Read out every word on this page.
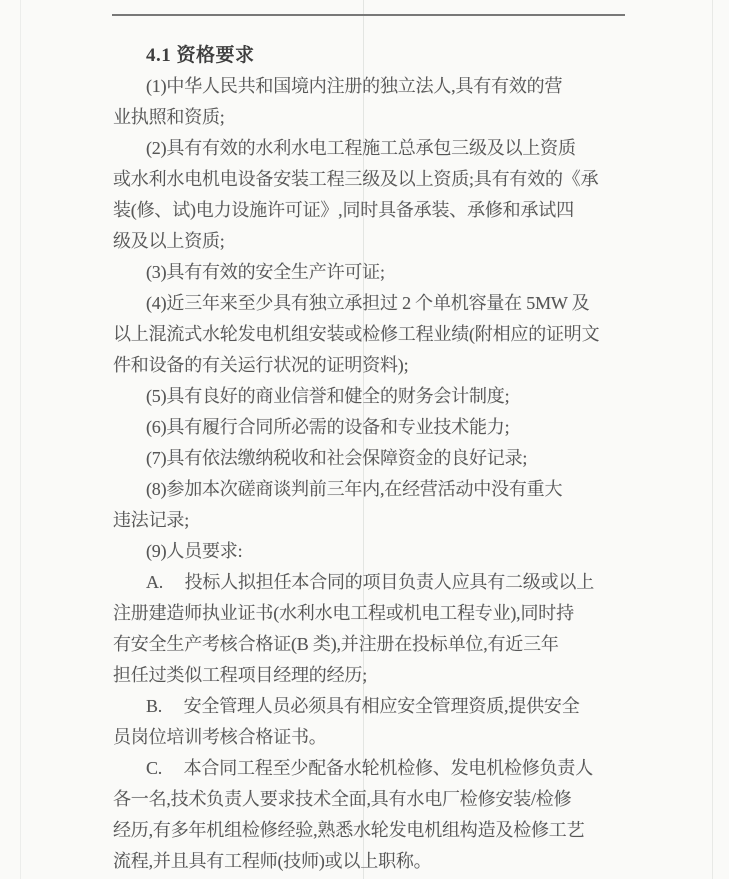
4.1 资格要求
(1)中华人民共和国境内注册的独立法人,具有有效的营
业执照和资质;
(2)具有有效的水利水电工程施工总承包三级及以上资质
或水利水电机电设备安装工程三级及以上资质;具有有效的《承
装(修、试)电力设施许可证》,同时具备承装、承修和承试四
级及以上资质;
(3)具有有效的安全生产许可证;
(4)近三年来至少具有独立承担过 2 个单机容量在 5MW 及
以上混流式水轮发电机组安装或检修工程业绩(附相应的证明文
件和设备的有关运行状况的证明资料);
(5)具有良好的商业信誉和健全的财务会计制度;
(6)具有履行合同所必需的设备和专业技术能力;
(7)具有依法缴纳税收和社会保障资金的良好记录;
(8)参加本次磋商谈判前三年内,在经营活动中没有重大
违法记录;
(9)人员要求:
A.     投标人拟担任本合同的项目负责人应具有二级或以上
注册建造师执业证书(水利水电工程或机电工程专业),同时持
有安全生产考核合格证(B 类),并注册在投标单位,有近三年
担任过类似工程项目经理的经历;
B.     安全管理人员必须具有相应安全管理资质,提供安全
员岗位培训考核合格证书。
C.     本合同工程至少配备水轮机检修、发电机检修负责人
各一名,技术负责人要求技术全面,具有水电厂检修安装/检修
经历,有多年机组检修经验,熟悉水轮发电机组构造及检修工艺
流程,并且具有工程师(技师)或以上职称。
